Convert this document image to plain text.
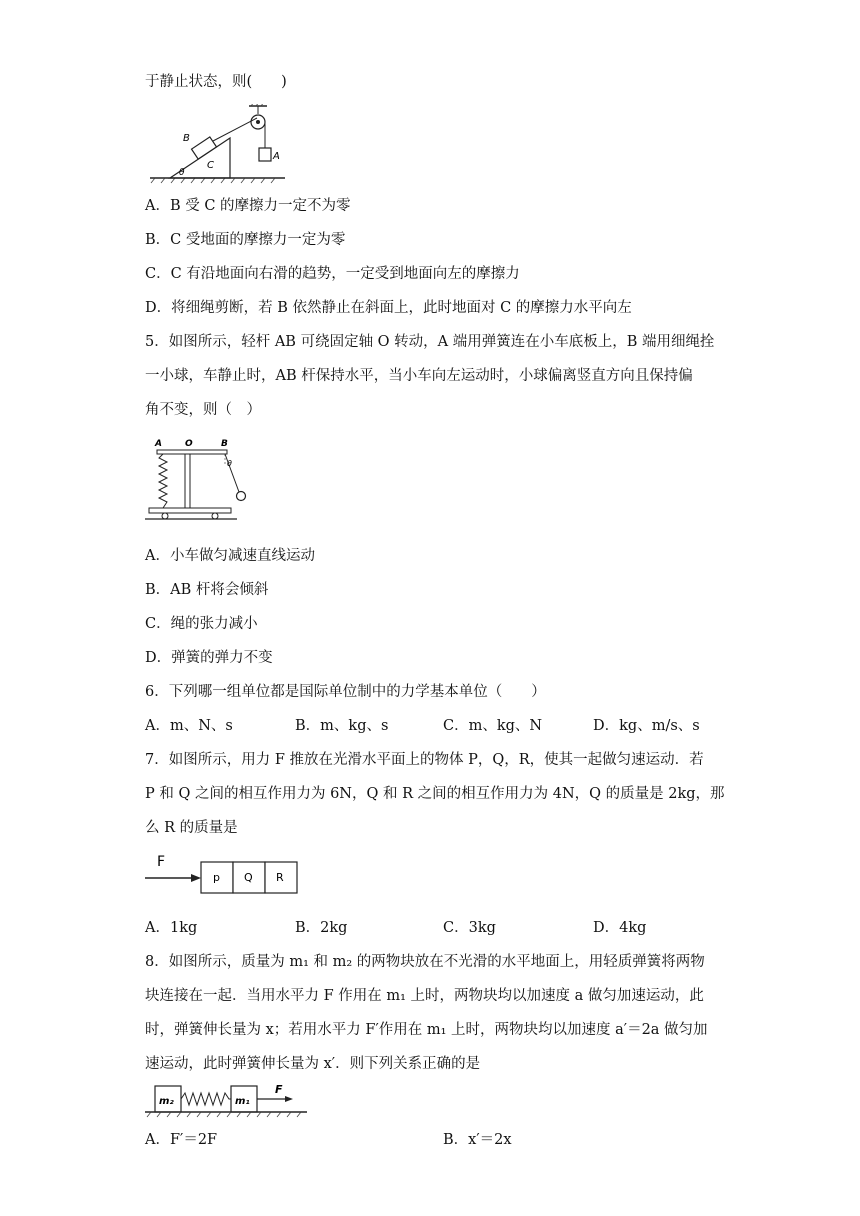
于静止状态，则(　　)
B
C
θ
A
A．B 受 C 的摩擦力一定不为零
B．C 受地面的摩擦力一定为零
C．C 有沿地面向右滑的趋势，一定受到地面向左的摩擦力
D．将细绳剪断，若 B 依然静止在斜面上，此时地面对 C 的摩擦力水平向左
5．如图所示，轻杆 AB 可绕固定轴 O 转动，A 端用弹簧连在小车底板上，B 端用细绳拴
一小球，车静止时，AB 杆保持水平，当小车向左运动时，小球偏离竖直方向且保持偏
角不变，则（　）
A	O	B
θ
A．小车做匀减速直线运动
B．AB 杆将会倾斜
C．绳的张力减小
D．弹簧的弹力不变
6．下列哪一组单位都是国际单位制中的力学基本单位（　　）
A．m、N、s	B．m、kg、s	C．m、kg、N	D．kg、m/s、s
7．如图所示，用力 F 推放在光滑水平面上的物体 P，Q，R，使其一起做匀速运动．若
P 和 Q 之间的相互作用力为 6N，Q 和 R 之间的相互作用力为 4N，Q 的质量是 2kg，那
么 R 的质量是
F
p Q R
A．1kg	B．2kg	C．3kg	D．4kg
8．如图所示，质量为 m₁ 和 m₂ 的两物块放在不光滑的水平地面上，用轻质弹簧将两物
块连接在一起．当用水平力 F 作用在 m₁ 上时，两物块均以加速度 a 做匀加速运动，此
时，弹簧伸长量为 x；若用水平力 F′作用在 m₁ 上时，两物块均以加速度 a′＝2a 做匀加
速运动，此时弹簧伸长量为 x′．则下列关系正确的是
m₂	m₁
F
A．F′＝2F	B．x′＝2x
